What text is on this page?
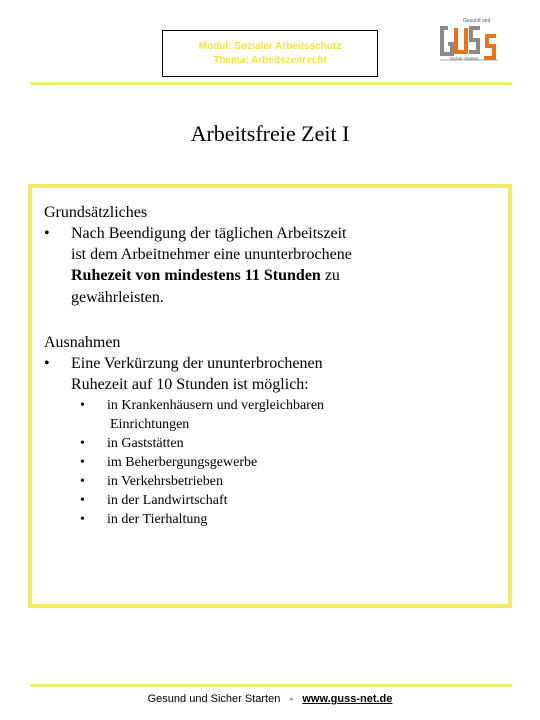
Modul: Sozialer Arbeitsschutz
Thema: Arbeitszeitrecht
Gesund und
Sicher Starten
Arbeitsfreie Zeit I
Grundsätzliches
• Nach Beendigung der täglichen Arbeitszeit
ist dem Arbeitnehmer eine ununterbrochene
Ruhezeit von mindestens 11 Stunden zu
gewährleisten.
Ausnahmen
• Eine Verkürzung der ununterbrochenen
Ruhezeit auf 10 Stunden ist möglich:
• in Krankenhäusern und vergleichbaren
Einrichtungen
• in Gaststätten
• im Beherbergungsgewerbe
• in Verkehrsbetrieben
• in der Landwirtschaft
• in der Tierhaltung
Gesund und Sicher Starten   -   www.guss-net.de
